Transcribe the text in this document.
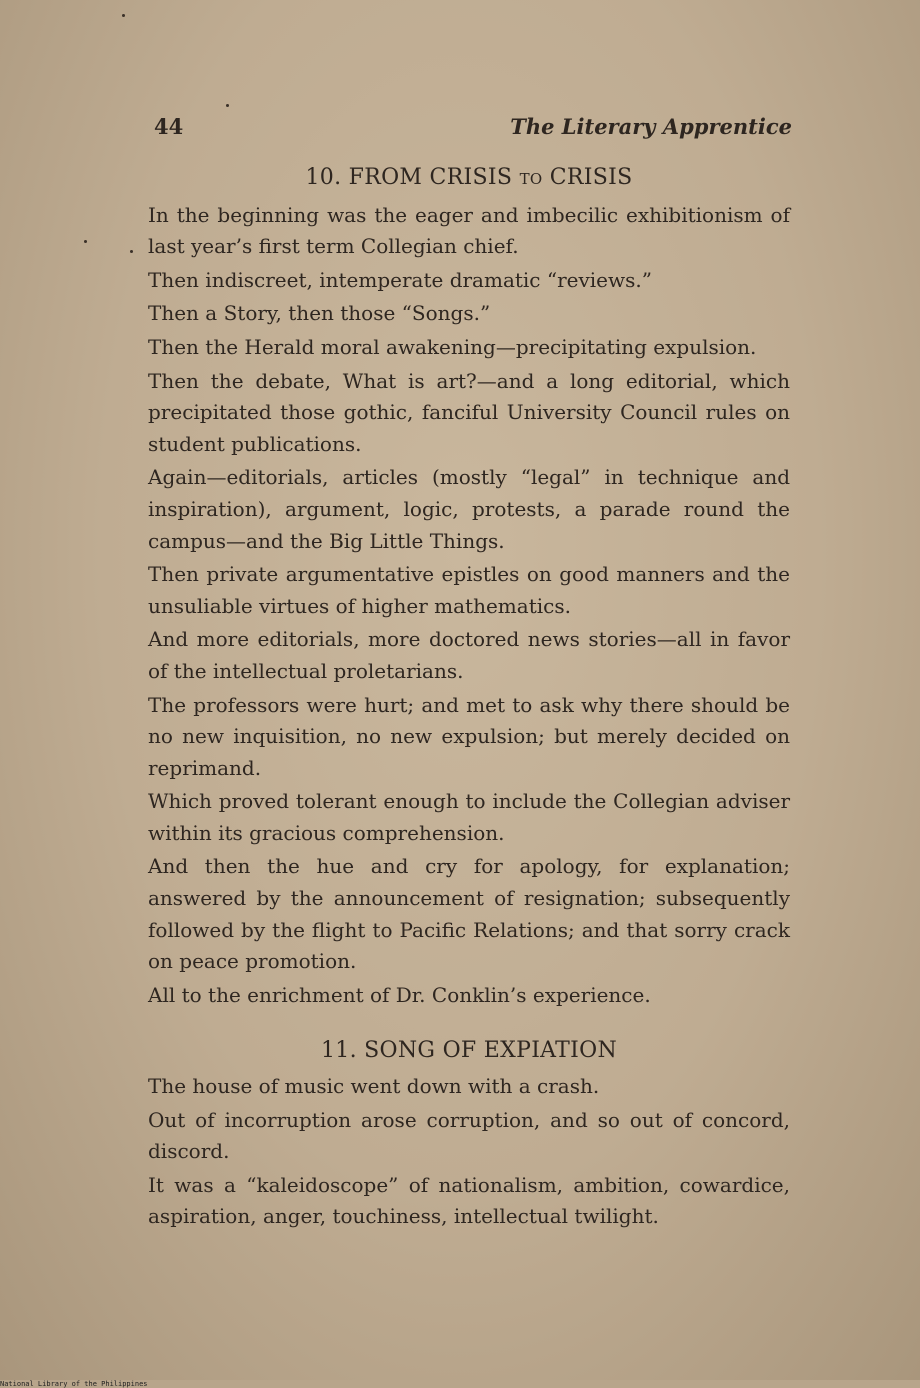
44	The Literary Apprentice
10. FROM CRISIS TO CRISIS

In the beginning was the eager and imbecilic exhibitionism of last year’s first term Collegian chief.

Then indiscreet, intemperate dramatic “reviews.”

Then a Story, then those “Songs.”

Then the Herald moral awakening—precipitating expulsion.

Then the debate, What is art?—and a long editorial, which precipitated those gothic, fanciful University Council rules on student publications.

Again—editorials, articles (mostly “legal” in technique and inspiration), argument, logic, protests, a parade round the campus—and the Big Little Things.

Then private argumentative epistles on good manners and the unsuliable virtues of higher mathematics.

And more editorials, more doctored news stories—all in favor of the intellectual proletarians.

The professors were hurt; and met to ask why there should be no new inquisition, no new expulsion; but merely decided on reprimand.

Which proved tolerant enough to include the Collegian adviser within its gracious comprehension.

And then the hue and cry for apology, for explanation; answered by the announcement of resignation; subsequently followed by the flight to Pacific Relations; and that sorry crack on peace promotion.

All to the enrichment of Dr. Conklin’s experience.

11. SONG OF EXPIATION

The house of music went down with a crash.

Out of incorruption arose corruption, and so out of concord, discord.

It was a “kaleidoscope” of nationalism, ambition, cowardice, aspiration, anger, touchiness, intellectual twilight.

National Library of the Philippines
